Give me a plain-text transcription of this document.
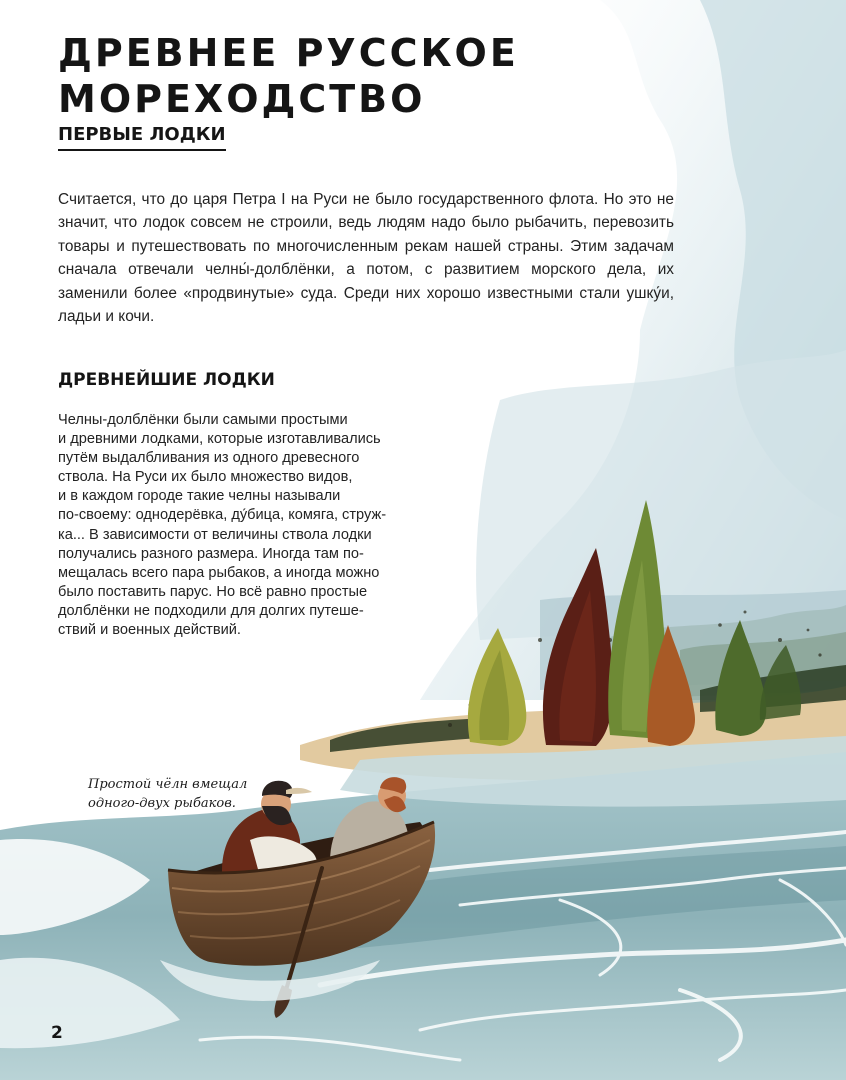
ДРЕВНЕЕ РУССКОЕ
МОРЕХОДСТВО
ПЕРВЫЕ ЛОДКИ

Считается, что до царя Петра I на Руси не было государственного флота. Но это не значит, что лодок совсем не строили, ведь людям надо было рыбачить, перевозить товары и путешествовать по многочисленным рекам нашей страны. Этим задачам сначала отвечали челны́-долблёнки, а потом, с развитием морского дела, их заменили более «продвинутые» суда. Среди них хорошо известными стали ушку́и, ладьи и кочи.

ДРЕВНЕЙШИЕ ЛОДКИ
Челны-долблёнки были самыми простыми
и древними лодками, которые изготавливались
путём выдалбливания из одного древесного
ствола. На Руси их было множество видов,
и в каждом городе такие челны называли
по-своему: однодерёвка, ду́бица, комяга, струж-
ка... В зависимости от величины ствола лодки
получались разного размера. Иногда там по-
мещалась всего пара рыбаков, а иногда можно
было поставить парус. Но всё равно простые
долблёнки не подходили для долгих путеше-
ствий и военных действий.
Простой чёлн вмещал
одного-двух рыбаков.
2
